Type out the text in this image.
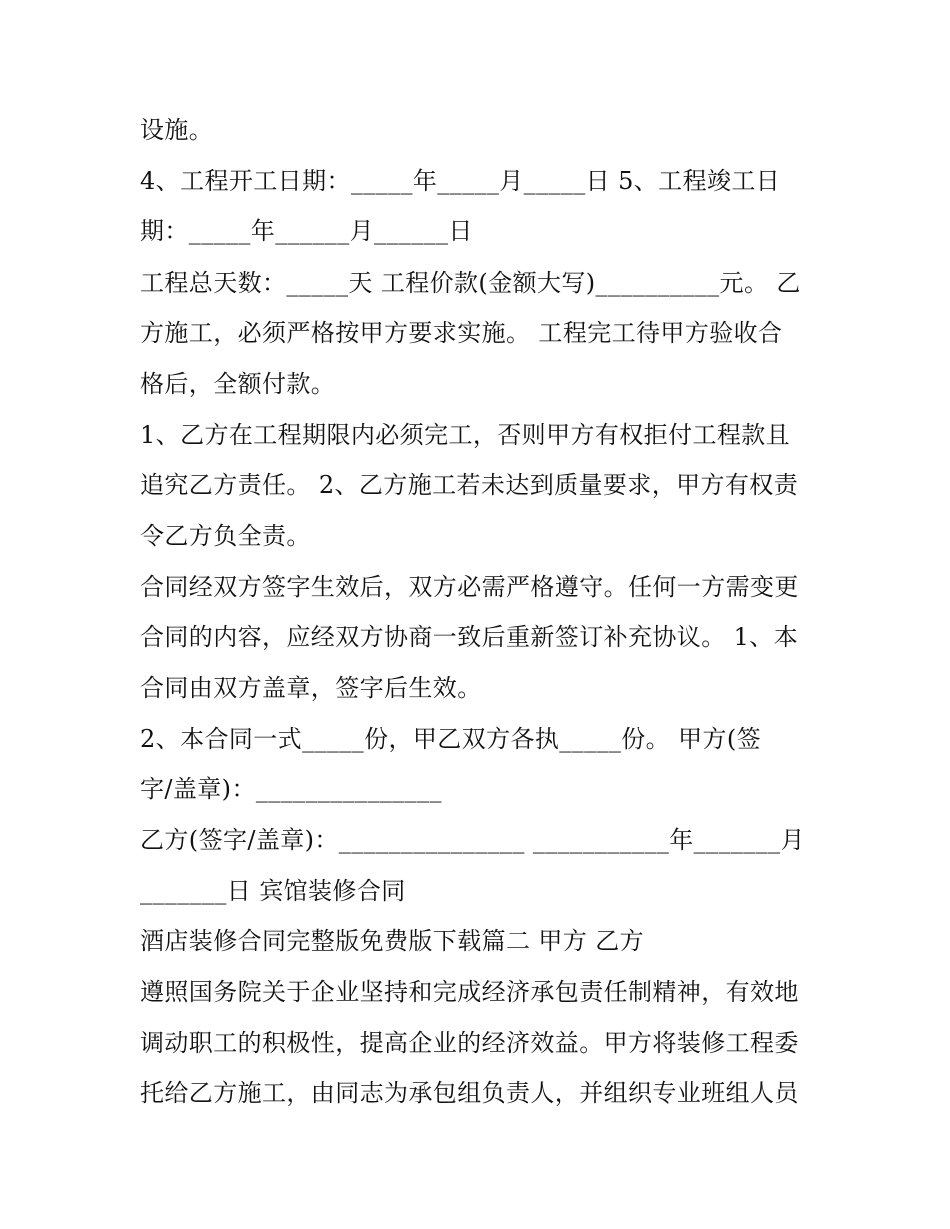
设施。
4、工程开工日期：_____年_____月_____日 5、工程竣工日
期：_____年______月______日
工程总天数：_____天 工程价款(金额大写)__________元。 乙
方施工，必须严格按甲方要求实施。 工程完工待甲方验收合
格后，全额付款。
1、乙方在工程期限内必须完工，否则甲方有权拒付工程款且
追究乙方责任。 2、乙方施工若未达到质量要求，甲方有权责
令乙方负全责。
合同经双方签字生效后，双方必需严格遵守。任何一方需变更
合同的内容，应经双方协商一致后重新签订补充协议。 1、本
合同由双方盖章，签字后生效。
2、本合同一式_____份，甲乙双方各执_____份。 甲方(签
字/盖章)：_______________
乙方(签字/盖章)：_______________ ___________年_______月
_______日 宾馆装修合同
酒店装修合同完整版免费版下载篇二 甲方 乙方
遵照国务院关于企业坚持和完成经济承包责任制精神，有效地
调动职工的积极性，提高企业的经济效益。甲方将装修工程委
托给乙方施工，由同志为承包组负责人，并组织专业班组人员
